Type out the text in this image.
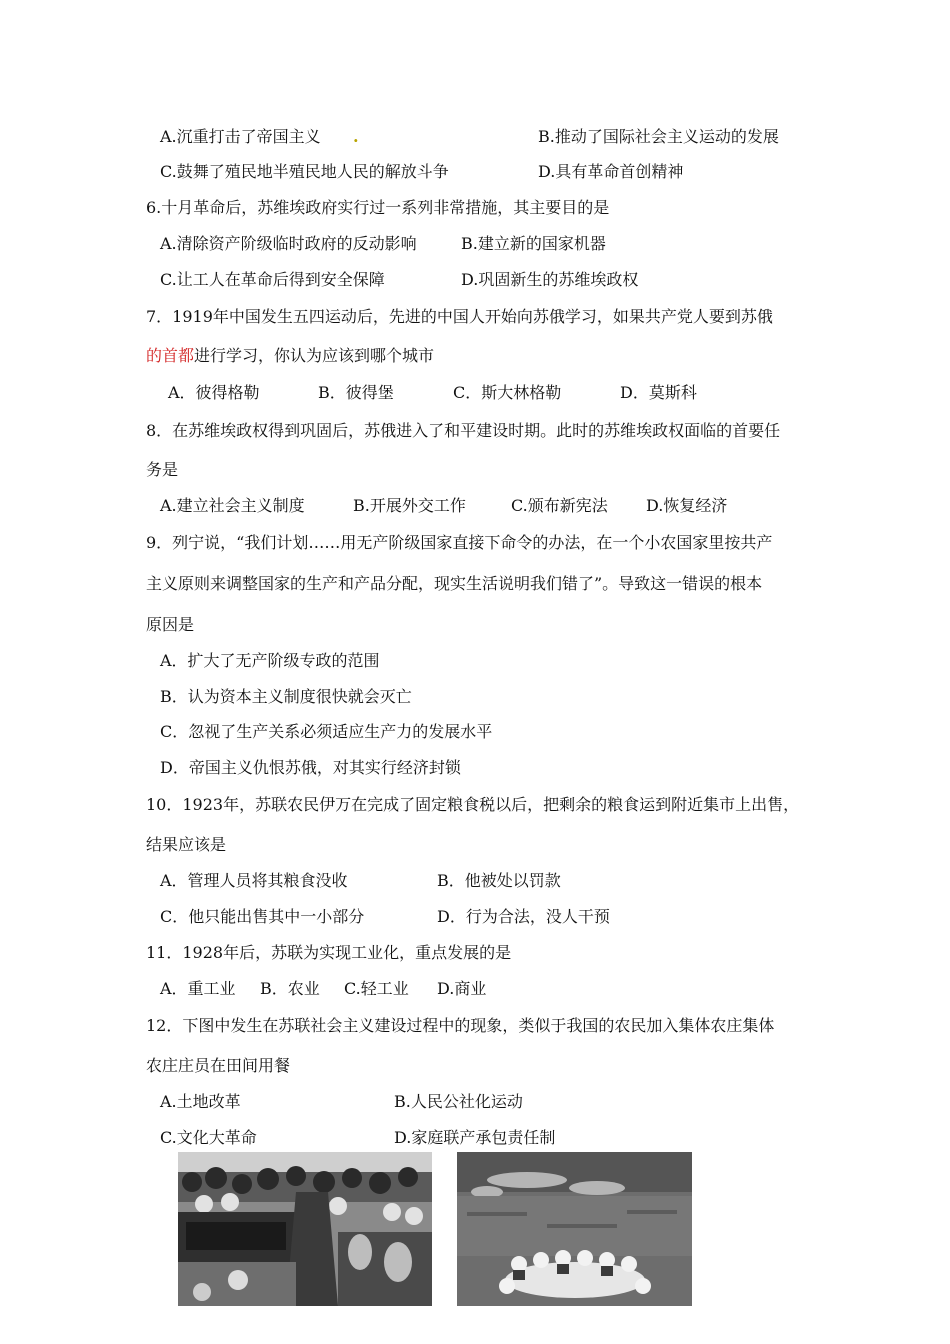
A.沉重打击了帝国主义 .	B.推动了国际社会主义运动的发展
C.鼓舞了殖民地半殖民地人民的解放斗争	D.具有革命首创精神
6.十月革命后，苏维埃政府实行过一系列非常措施，其主要目的是
A.清除资产阶级临时政府的反动影响	B.建立新的国家机器
C.让工人在革命后得到安全保障	D.巩固新生的苏维埃政权
7．1919年中国发生五四运动后，先进的中国人开始向苏俄学习，如果共产党人要到苏俄
的首都进行学习，你认为应该到哪个城市
A．彼得格勒	B．彼得堡	C．斯大林格勒	D．莫斯科
8．在苏维埃政权得到巩固后，苏俄进入了和平建设时期。此时的苏维埃政权面临的首要任
务是
A.建立社会主义制度	B.开展外交工作	C.颁布新宪法 D.恢复经济
9．列宁说，“我们计划……用无产阶级国家直接下命令的办法，在一个小农国家里按共产
主义原则来调整国家的生产和产品分配，现实生活说明我们错了”。导致这一错误的根本
原因是
A．扩大了无产阶级专政的范围
B．认为资本主义制度很快就会灭亡
C．忽视了生产关系必须适应生产力的发展水平
D．帝国主义仇恨苏俄，对其实行经济封锁
10．1923年，苏联农民伊万在完成了固定粮食税以后，把剩余的粮食运到附近集市上出售，
结果应该是
A．管理人员将其粮食没收	B．他被处以罚款
C．他只能出售其中一小部分	D．行为合法，没人干预
11．1928年后，苏联为实现工业化，重点发展的是
A．重工业 B．农业 C.轻工业 D.商业
12．下图中发生在苏联社会主义建设过程中的现象，类似于我国的农民加入集体农庄集体
农庄庄员在田间用餐
A.土地改革	B.人民公社化运动
C.文化大革命	D.家庭联产承包责任制
